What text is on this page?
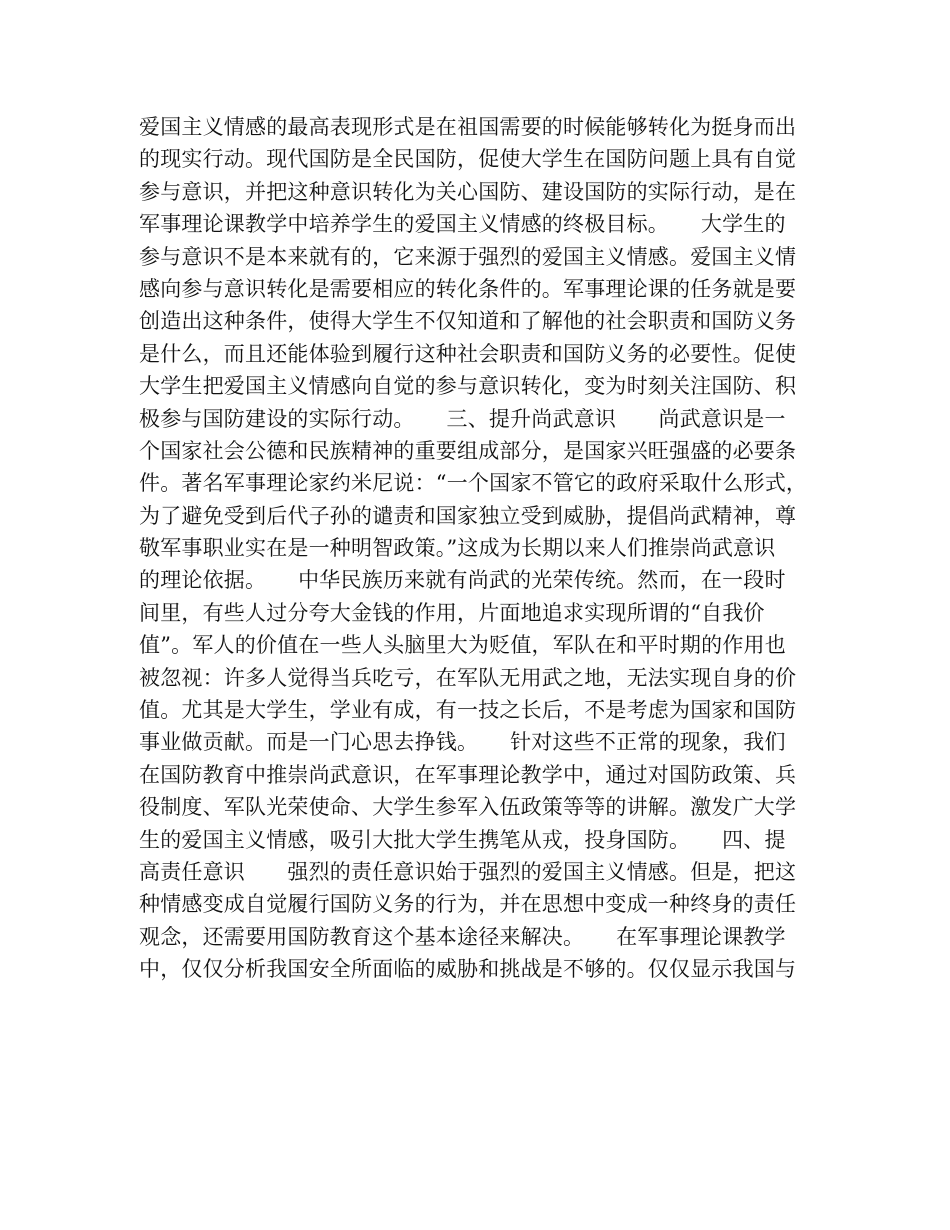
爱国主义情感的最高表现形式是在祖国需要的时候能够转化为挺身而出
的现实行动。现代国防是全民国防，促使大学生在国防问题上具有自觉
参与意识，并把这种意识转化为关心国防、建设国防的实际行动，是在
军事理论课教学中培养学生的爱国主义情感的终极目标。　　大学生的
参与意识不是本来就有的，它来源于强烈的爱国主义情感。爱国主义情
感向参与意识转化是需要相应的转化条件的。军事理论课的任务就是要
创造出这种条件，使得大学生不仅知道和了解他的社会职责和国防义务
是什么，而且还能体验到履行这种社会职责和国防义务的必要性。促使
大学生把爱国主义情感向自觉的参与意识转化，变为时刻关注国防、积
极参与国防建设的实际行动。　　三、提升尚武意识　　尚武意识是一
个国家社会公德和民族精神的重要组成部分，是国家兴旺强盛的必要条
件。著名军事理论家约米尼说：“一个国家不管它的政府采取什么形式，
为了避免受到后代子孙的谴责和国家独立受到威胁，提倡尚武精神，尊
敬军事职业实在是一种明智政策。”这成为长期以来人们推崇尚武意识
的理论依据。　　中华民族历来就有尚武的光荣传统。然而，在一段时
间里，有些人过分夸大金钱的作用，片面地追求实现所谓的“自我价
值”。军人的价值在一些人头脑里大为贬值，军队在和平时期的作用也
被忽视：许多人觉得当兵吃亏，在军队无用武之地，无法实现自身的价
值。尤其是大学生，学业有成，有一技之长后，不是考虑为国家和国防
事业做贡献。而是一门心思去挣钱。　　针对这些不正常的现象，我们
在国防教育中推崇尚武意识，在军事理论教学中，通过对国防政策、兵
役制度、军队光荣使命、大学生参军入伍政策等等的讲解。激发广大学
生的爱国主义情感，吸引大批大学生携笔从戎，投身国防。　　四、提
高责任意识　　强烈的责任意识始于强烈的爱国主义情感。但是，把这
种情感变成自觉履行国防义务的行为，并在思想中变成一种终身的责任
观念，还需要用国防教育这个基本途径来解决。　　在军事理论课教学
中，仅仅分析我国安全所面临的威胁和挑战是不够的。仅仅显示我国与
